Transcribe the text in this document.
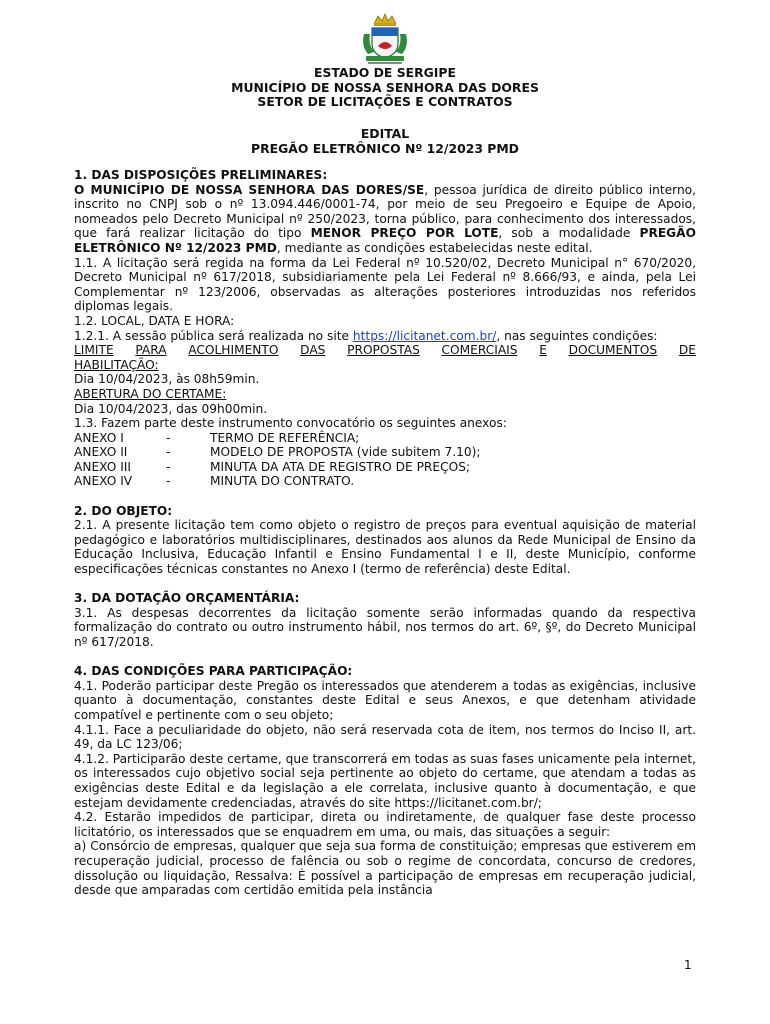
ESTADO DE SERGIPE
MUNICÍPIO DE NOSSA SENHORA DAS DORES
SETOR DE LICITAÇÕES E CONTRATOS
EDITAL
PREGÃO ELETRÔNICO Nº 12/2023 PMD

1. DAS DISPOSIÇÕES PRELIMINARES:

O MUNICÍPIO DE NOSSA SENHORA DAS DORES/SE, pessoa jurídica de direito público interno, inscrito no CNPJ sob o nº 13.094.446/0001-74, por meio de seu Pregoeiro e Equipe de Apoio, nomeados pelo Decreto Municipal nº 250/2023, torna público, para conhecimento dos interessados, que fará realizar licitação do tipo MENOR PREÇO POR LOTE, sob a modalidade PREGÃO ELETRÔNICO Nº 12/2023 PMD, mediante as condições estabelecidas neste edital.

1.1. A licitação será regida na forma da Lei Federal nº 10.520/02, Decreto Municipal n° 670/2020, Decreto Municipal nº 617/2018, subsidiariamente pela Lei Federal nº 8.666/93, e ainda, pela Lei Complementar nº 123/2006, observadas as alterações posteriores introduzidas nos referidos diplomas legais.

1.2. LOCAL, DATA E HORA:

1.2.1. A sessão pública será realizada no site https://licitanet.com.br/, nas seguintes condições:

LIMITE PARA ACOLHIMENTO DAS PROPOSTAS COMERCIAIS E DOCUMENTOS DE

HABILITAÇÃO:

Dia 10/04/2023, às 08h59min.

ABERTURA DO CERTAME:

Dia 10/04/2023, das 09h00min.

1.3. Fazem parte deste instrumento convocatório os seguintes anexos:

ANEXO I	-	TERMO DE REFERÊNCIA;
ANEXO II	-	MODELO DE PROPOSTA (vide subitem 7.10);
ANEXO III	-	MINUTA DA ATA DE REGISTRO DE PREÇOS;
ANEXO IV	-	MINUTA DO CONTRATO.

2. DO OBJETO:

2.1. A presente licitação tem como objeto o registro de preços para eventual aquisição de material pedagógico e laboratórios multidisciplinares, destinados aos alunos da Rede Municipal de Ensino da Educação Inclusiva, Educação Infantil e Ensino Fundamental I e II, deste Município, conforme especificações técnicas constantes no Anexo I (termo de referência) deste Edital.

3. DA DOTAÇÃO ORÇAMENTÁRIA:

3.1. As despesas decorrentes da licitação somente serão informadas quando da respectiva formalização do contrato ou outro instrumento hábil, nos termos do art. 6º, §º, do Decreto Municipal nº 617/2018.

4. DAS CONDIÇÕES PARA PARTICIPAÇÃO:

4.1. Poderão participar deste Pregão os interessados que atenderem a todas as exigências, inclusive quanto à documentação, constantes deste Edital e seus Anexos, e que detenham atividade compatível e pertinente com o seu objeto;

4.1.1. Face a peculiaridade do objeto, não será reservada cota de item, nos termos do Inciso II, art. 49, da LC 123/06;

4.1.2. Participarão deste certame, que transcorrerá em todas as suas fases unicamente pela internet, os interessados cujo objetivo social seja pertinente ao objeto do certame, que atendam a todas as exigências deste Edital e da legislação a ele correlata, inclusive quanto à documentação, e que estejam devidamente credenciadas, através do site https://licitanet.com.br/;

4.2. Estarão impedidos de participar, direta ou indiretamente, de qualquer fase deste processo licitatório, os interessados que se enquadrem em uma, ou mais, das situações a seguir:

a) Consórcio de empresas, qualquer que seja sua forma de constituição; empresas que estiverem em recuperação judicial, processo de falência ou sob o regime de concordata, concurso de credores, dissolução ou liquidação, Ressalva: É possível a participação de empresas em recuperação judicial, desde que amparadas com certidão emitida pela instância

1
